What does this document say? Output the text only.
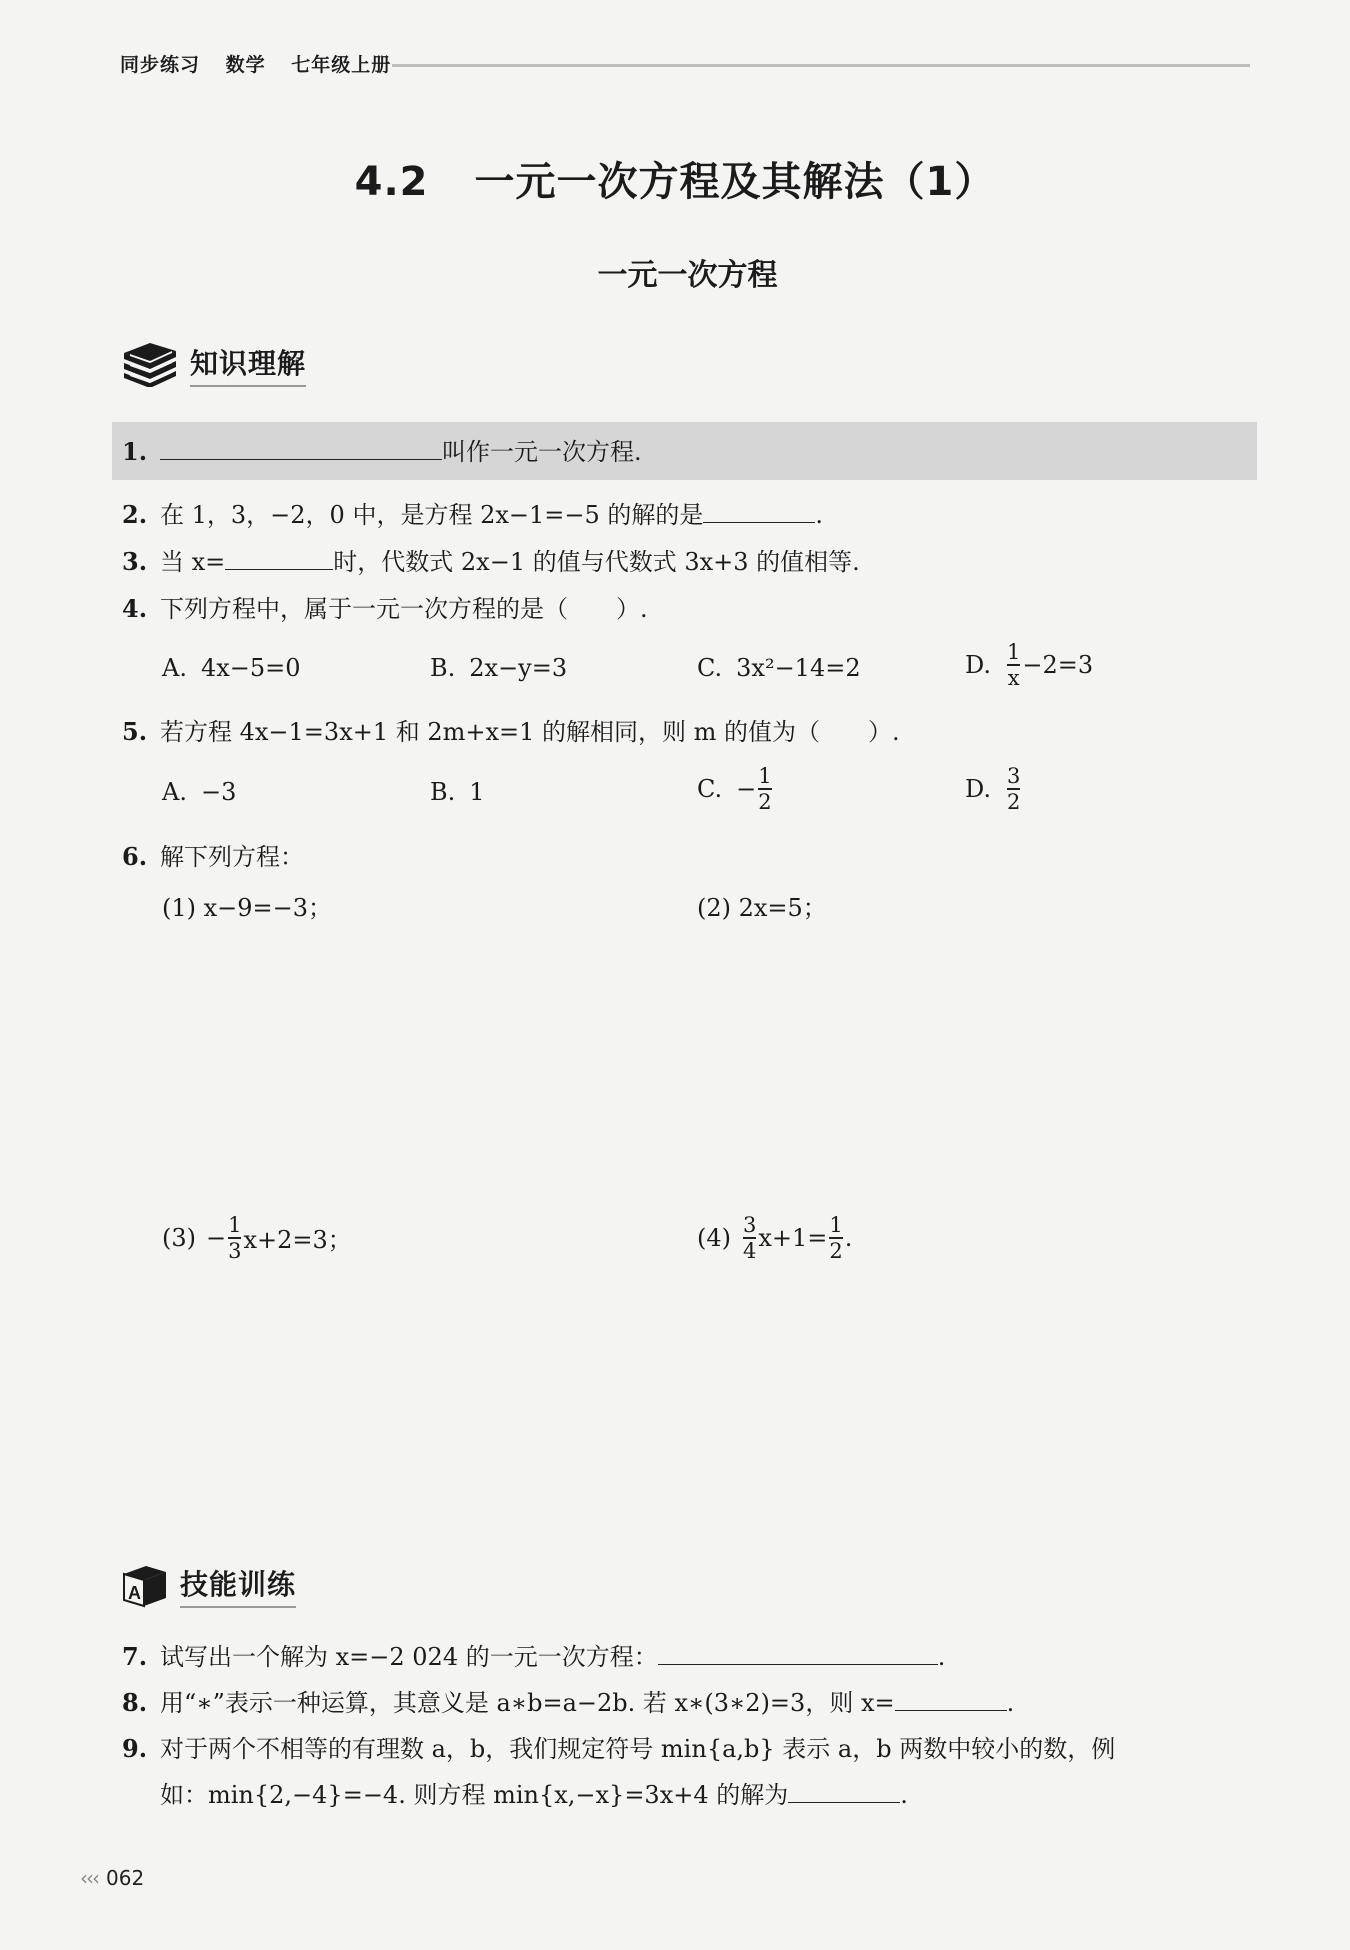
同步练习 数学 七年级上册
4.2 一元一次方程及其解法（1）
一元一次方程
知识理解
1.	叫作一元一次方程.
2. 在 1，3，−2，0 中，是方程 2x−1=−5 的解的是	.
3. 当 x=	时，代数式 2x−1 的值与代数式 3x+3 的值相等.
4. 下列方程中，属于一元一次方程的是（　　）.
A. 4x−5=0	B. 2x−y=3	C. 3x²−14=2	D. $\frac{1}{x} -2=3$
5. 若方程 4x−1=3x+1 和 2m+x=1 的解相同，则 m 的值为（　　）.
A. −3	B. 1	C. − $\frac{1}{2}$	D. $\frac{3}{2}$
6. 解下列方程：
(1) x−9=−3；	(2) 2x=5；
$(3) - \frac{1}{3} x+2=3$；	$(4) \frac{3}{4} x+1= \frac{1}{2}$ .
A 技能训练
7. 试写出一个解为 x=−2 024 的一元一次方程：	.
8. 用“∗”表示一种运算，其意义是 a∗b=a−2b. 若 x∗(3∗2)=3，则 x=	.
9. 对于两个不相等的有理数 a，b，我们规定符号 min{a,b} 表示 a，b 两数中较小的数，例
如：min{2,−4}=−4. 则方程 min{x,−x}=3x+4 的解为	.
‹‹‹ 062
